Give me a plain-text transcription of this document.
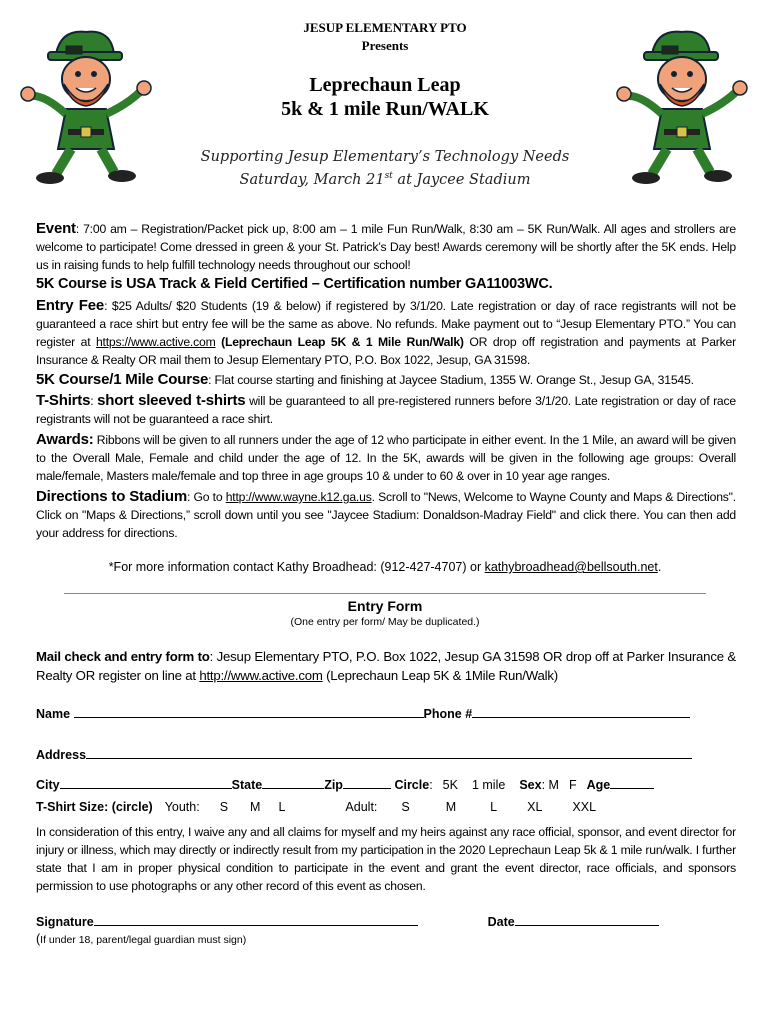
JESUP ELEMENTARY PTO
Presents
Leprechaun Leap
5k & 1 mile Run/WALK
Supporting Jesup Elementary’s Technology Needs
Saturday, March 21st at Jaycee Stadium
Event: 7:00 am – Registration/Packet pick up, 8:00 am – 1 mile Fun Run/Walk, 8:30 am – 5K Run/Walk. All ages and strollers are welcome to participate! Come dressed in green & your St. Patrick’s Day best! Awards ceremony will be shortly after the 5K ends. Help us in raising funds to help fulfill technology needs throughout our school!
5K Course is USA Track & Field Certified – Certification number GA11003WC.
Entry Fee: $25 Adults/ $20 Students (19 & below) if registered by 3/1/20. Late registration or day of race registrants will not be guaranteed a race shirt but entry fee will be the same as above. No refunds. Make payment out to “Jesup Elementary PTO.” You can register at https://www.active.com (Leprechaun Leap 5K & 1 Mile Run/Walk) OR drop off registration and payments at Parker Insurance & Realty OR mail them to Jesup Elementary PTO, P.O. Box 1022, Jesup, GA 31598.
5K Course/1 Mile Course: Flat course starting and finishing at Jaycee Stadium, 1355 W. Orange St., Jesup GA, 31545.
T-Shirts: short sleeved t-shirts will be guaranteed to all pre-registered runners before 3/1/20. Late registration or day of race registrants will not be guaranteed a race shirt.
Awards: Ribbons will be given to all runners under the age of 12 who participate in either event. In the 1 Mile, an award will be given to the Overall Male, Female and child under the age of 12. In the 5K, awards will be given in the following age groups: Overall male/female, Masters male/female and top three in age groups 10 & under to 60 & over in 10 year age ranges.
Directions to Stadium: Go to http://www.wayne.k12.ga.us. Scroll to "News, Welcome to Wayne County and Maps & Directions". Click on "Maps & Directions,” scroll down until you see "Jaycee Stadium: Donaldson-Madray Field" and click there. You can then add your address for directions.
*For more information contact Kathy Broadhead: (912-427-4707) or kathybroadhead@bellsouth.net.
Entry Form
(One entry per form/ May be duplicated.)
Mail check and entry form to: Jesup Elementary PTO, P.O. Box 1022, Jesup GA 31598 OR drop off at Parker Insurance & Realty OR register on line at http://www.active.com (Leprechaun Leap 5K & 1Mile Run/Walk)
Name	Phone #
Address
City	State	Zip	Circle: 5K 1 mile Sex: M F Age
T-Shirt Size: (circle) Youth: S M L	Adult: S	M	L XL XXL
In consideration of this entry, I waive any and all claims for myself and my heirs against any race official, sponsor, and event director for injury or illness, which may directly or indirectly result from my participation in the 2020 Leprechaun Leap 5k & 1 mile run/walk. I further state that I am in proper physical condition to participate in the event and grant the event director, race officials, and sponsors permission to use photographs or any other record of this event as chosen.
Signature	Date
(If under 18, parent/legal guardian must sign)
